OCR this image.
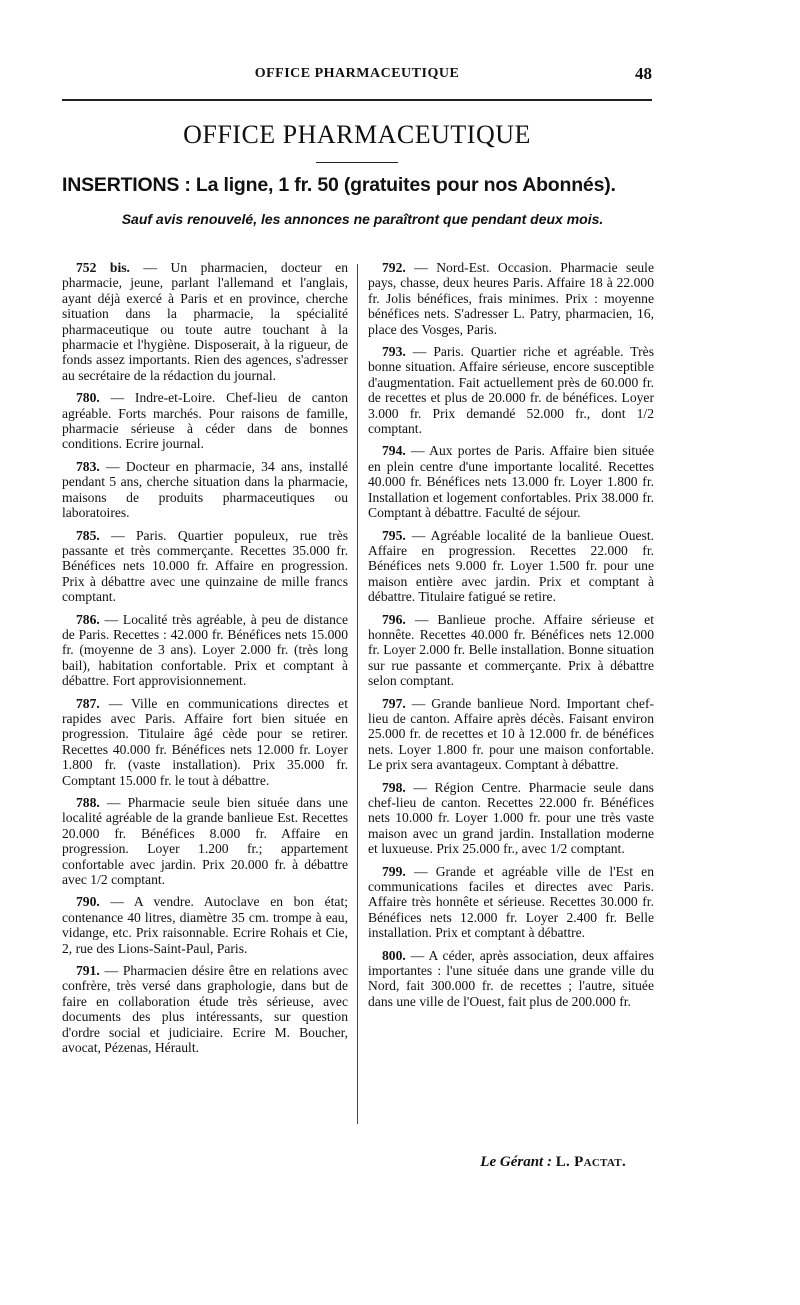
OFFICE PHARMACEUTIQUE	48
OFFICE PHARMACEUTIQUE
INSERTIONS : La ligne, 1 fr. 50 (gratuites pour nos Abonnés).
Sauf avis renouvelé, les annonces ne paraîtront que pendant deux mois.

752 bis. — Un pharmacien, docteur en pharmacie, jeune, parlant l'allemand et l'anglais, ayant déjà exercé à Paris et en province, cherche situation dans la pharmacie, la spécialité pharmaceutique ou toute autre touchant à la pharmacie et l'hygiène. Disposerait, à la rigueur, de fonds assez importants. Rien des agences, s'adresser au secrétaire de la rédaction du journal.

780. — Indre-et-Loire. Chef-lieu de canton agréable. Forts marchés. Pour raisons de famille, pharmacie sérieuse à céder dans de bonnes conditions. Ecrire journal.

783. — Docteur en pharmacie, 34 ans, installé pendant 5 ans, cherche situation dans la pharmacie, maisons de produits pharmaceutiques ou laboratoires.

785. — Paris. Quartier populeux, rue très passante et très commerçante. Recettes 35.000 fr. Bénéfices nets 10.000 fr. Affaire en progression. Prix à débattre avec une quinzaine de mille francs comptant.

786. — Localité très agréable, à peu de distance de Paris. Recettes : 42.000 fr. Bénéfices nets 15.000 fr. (moyenne de 3 ans). Loyer 2.000 fr. (très long bail), habitation confortable. Prix et comptant à débattre. Fort approvisionnement.

787. — Ville en communications directes et rapides avec Paris. Affaire fort bien située en progression. Titulaire âgé cède pour se retirer. Recettes 40.000 fr. Bénéfices nets 12.000 fr. Loyer 1.800 fr. (vaste installation). Prix 35.000 fr. Comptant 15.000 fr. le tout à débattre.

788. — Pharmacie seule bien située dans une localité agréable de la grande banlieue Est. Recettes 20.000 fr. Bénéfices 8.000 fr. Affaire en progression. Loyer 1.200 fr.; appartement confortable avec jardin. Prix 20.000 fr. à débattre avec 1/2 comptant.

790. — A vendre. Autoclave en bon état; contenance 40 litres, diamètre 35 cm. trompe à eau, vidange, etc. Prix raisonnable. Ecrire Rohais et Cie, 2, rue des Lions-Saint-Paul, Paris.

791. — Pharmacien désire être en relations avec confrère, très versé dans graphologie, dans but de faire en collaboration étude très sérieuse, avec documents des plus intéressants, sur question d'ordre social et judiciaire. Ecrire M. Boucher, avocat, Pézenas, Hérault.

792. — Nord-Est. Occasion. Pharmacie seule pays, chasse, deux heures Paris. Affaire 18 à 22.000 fr. Jolis bénéfices, frais minimes. Prix : moyenne bénéfices nets. S'adresser L. Patry, pharmacien, 16, place des Vosges, Paris.

793. — Paris. Quartier riche et agréable. Très bonne situation. Affaire sérieuse, encore susceptible d'augmentation. Fait actuellement près de 60.000 fr. de recettes et plus de 20.000 fr. de bénéfices. Loyer 3.000 fr. Prix demandé 52.000 fr., dont 1/2 comptant.

794. — Aux portes de Paris. Affaire bien située en plein centre d'une importante localité. Recettes 40.000 fr. Bénéfices nets 13.000 fr. Loyer 1.800 fr. Installation et logement confortables. Prix 38.000 fr. Comptant à débattre. Faculté de séjour.

795. — Agréable localité de la banlieue Ouest. Affaire en progression. Recettes 22.000 fr. Bénéfices nets 9.000 fr. Loyer 1.500 fr. pour une maison entière avec jardin. Prix et comptant à débattre. Titulaire fatigué se retire.

796. — Banlieue proche. Affaire sérieuse et honnête. Recettes 40.000 fr. Bénéfices nets 12.000 fr. Loyer 2.000 fr. Belle installation. Bonne situation sur rue passante et commerçante. Prix à débattre selon comptant.

797. — Grande banlieue Nord. Important chef-lieu de canton. Affaire après décès. Faisant environ 25.000 fr. de recettes et 10 à 12.000 fr. de bénéfices nets. Loyer 1.800 fr. pour une maison confortable. Le prix sera avantageux. Comptant à débattre.

798. — Région Centre. Pharmacie seule dans chef-lieu de canton. Recettes 22.000 fr. Bénéfices nets 10.000 fr. Loyer 1.000 fr. pour une très vaste maison avec un grand jardin. Installation moderne et luxueuse. Prix 25.000 fr., avec 1/2 comptant.

799. — Grande et agréable ville de l'Est en communications faciles et directes avec Paris. Affaire très honnête et sérieuse. Recettes 30.000 fr. Bénéfices nets 12.000 fr. Loyer 2.400 fr. Belle installation. Prix et comptant à débattre.

800. — A céder, après association, deux affaires importantes : l'une située dans une grande ville du Nord, fait 300.000 fr. de recettes ; l'autre, située dans une ville de l'Ouest, fait plus de 200.000 fr.

Le Gérant : L. Pactat.
